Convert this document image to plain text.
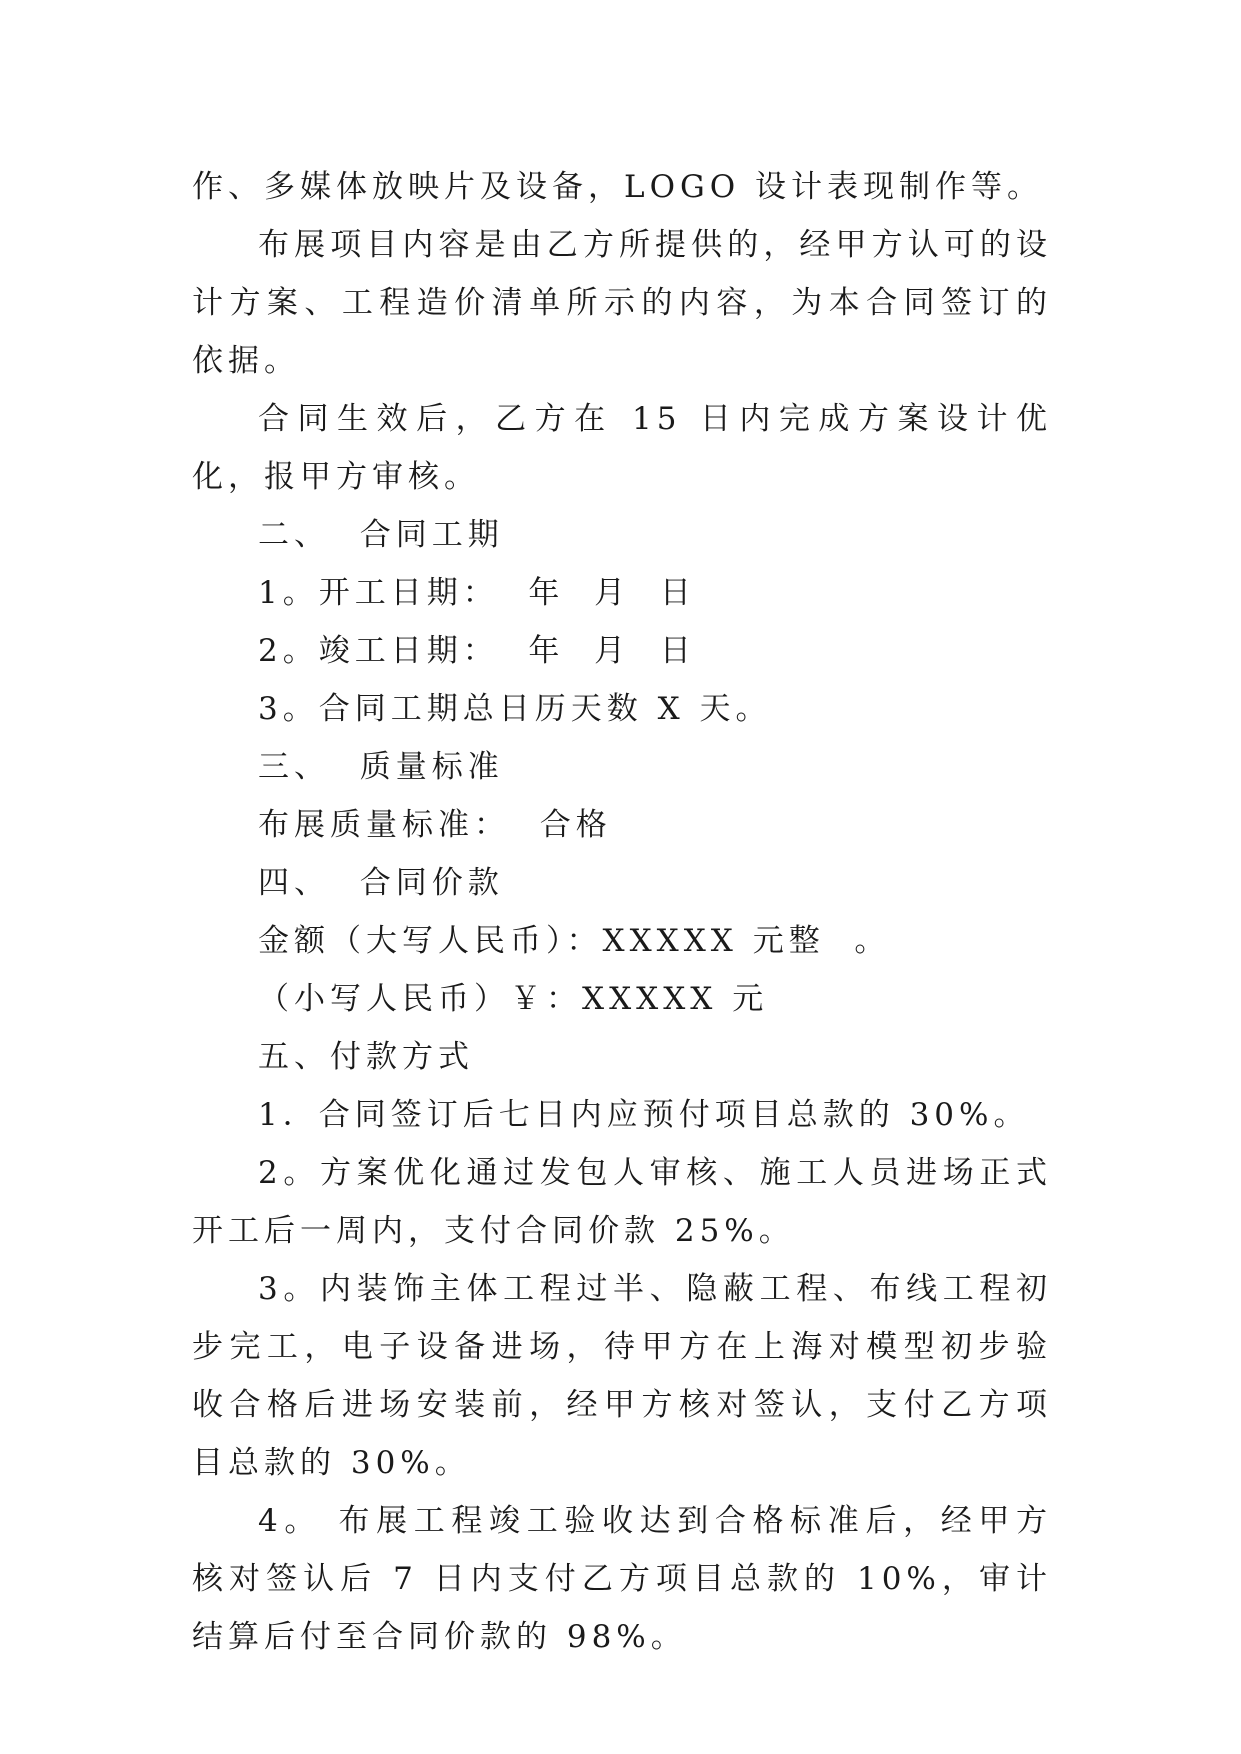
作、多媒体放映片及设备，LOGO 设计表现制作等。

布展项目内容是由乙方所提供的，经甲方认可的设计方案、工程造价清单所示的内容，为本合同签订的依据。

合同生效后，乙方在 15 日内完成方案设计优化，报甲方审核。

二、  合同工期

1。开工日期：  年  月  日

2。竣工日期：  年  月  日

3。合同工期总日历天数 X 天。

三、  质量标准

布展质量标准：  合格

四、  合同价款

金额（大写人民币）：XXXXX 元整  。

（小写人民币）￥：XXXXX 元

五、付款方式

1．合同签订后七日内应预付项目总款的 30%。

2。方案优化通过发包人审核、施工人员进场正式开工后一周内，支付合同价款 25%。

3。内装饰主体工程过半、隐蔽工程、布线工程初步完工，电子设备进场，待甲方在上海对模型初步验收合格后进场安装前，经甲方核对签认，支付乙方项目总款的 30%。

4。 布展工程竣工验收达到合格标准后，经甲方核对签认后 7 日内支付乙方项目总款的 10%，审计结算后付至合同价款的 98%。
